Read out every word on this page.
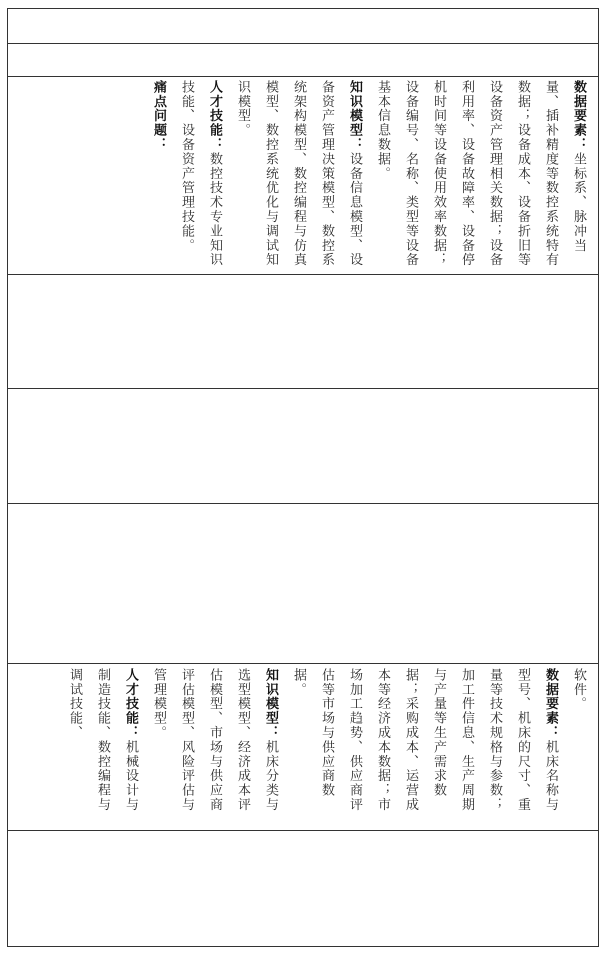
数据要素：坐标系、脉冲当量、插补精度等数控系统特有数据；设备成本、设备折旧等设备资产管理相关数据；设备利用率、设备故障率、设备停机时间等设备使用效率数据；设备编号、名称、类型等设备基本信息数据。

知识模型：设备信息模型、设备资产管理决策模型、数控系统架构模型、数控编程与仿真模型、数控系统优化与调试知识模型。

人才技能：数控技术专业知识技能、设备资产管理技能。

痛点问题：

软件。

数据要素：机床名称与型号、机床的尺寸、重量等技术规格与参数；加工件信息、生产周期与产量等生产需求数据；采购成本、运营成本等经济成本数据；市场加工趋势、供应商评估等市场与供应商数据。

知识模型：机床分类与选型模型、经济成本评估模型、市场与供应商评估模型、风险评估与管理模型。

人才技能：机械设计与制造技能、数控编程与调试技能、
